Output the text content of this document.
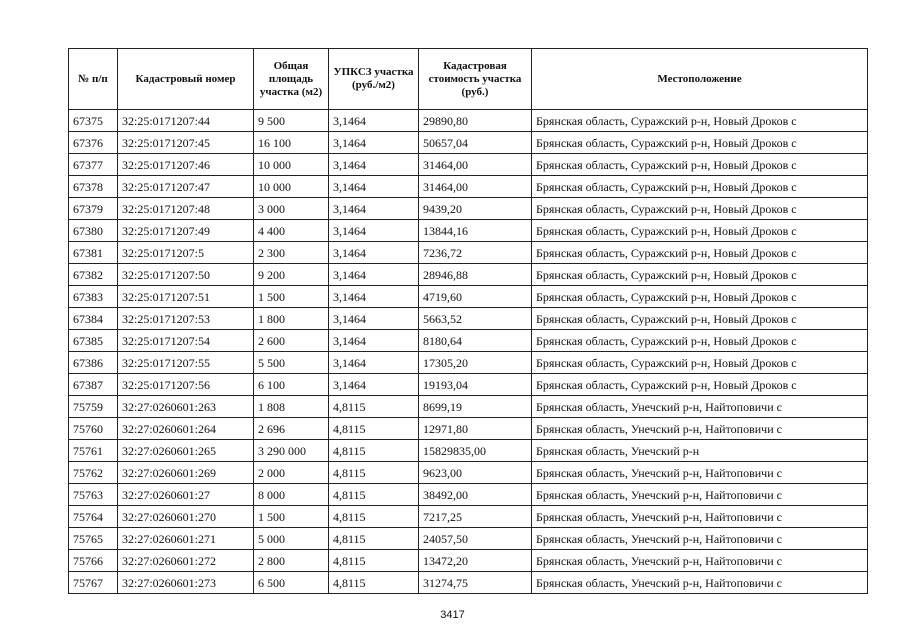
№ п/п	Кадастровый номер	Общая площадь участка (м2)	УПКСЗ участка (руб./м2)	Кадастровая стоимость участка (руб.)	Местоположение
67375	32:25:0171207:44	9 500	3,1464	29890,80	Брянская область, Суражский р-н, Новый Дроков с
67376	32:25:0171207:45	16 100	3,1464	50657,04	Брянская область, Суражский р-н, Новый Дроков с
67377	32:25:0171207:46	10 000	3,1464	31464,00	Брянская область, Суражский р-н, Новый Дроков с
67378	32:25:0171207:47	10 000	3,1464	31464,00	Брянская область, Суражский р-н, Новый Дроков с
67379	32:25:0171207:48	3 000	3,1464	9439,20	Брянская область, Суражский р-н, Новый Дроков с
67380	32:25:0171207:49	4 400	3,1464	13844,16	Брянская область, Суражский р-н, Новый Дроков с
67381	32:25:0171207:5	2 300	3,1464	7236,72	Брянская область, Суражский р-н, Новый Дроков с
67382	32:25:0171207:50	9 200	3,1464	28946,88	Брянская область, Суражский р-н, Новый Дроков с
67383	32:25:0171207:51	1 500	3,1464	4719,60	Брянская область, Суражский р-н, Новый Дроков с
67384	32:25:0171207:53	1 800	3,1464	5663,52	Брянская область, Суражский р-н, Новый Дроков с
67385	32:25:0171207:54	2 600	3,1464	8180,64	Брянская область, Суражский р-н, Новый Дроков с
67386	32:25:0171207:55	5 500	3,1464	17305,20	Брянская область, Суражский р-н, Новый Дроков с
67387	32:25:0171207:56	6 100	3,1464	19193,04	Брянская область, Суражский р-н, Новый Дроков с
75759	32:27:0260601:263	1 808	4,8115	8699,19	Брянская область, Унечский р-н, Найтоповичи с
75760	32:27:0260601:264	2 696	4,8115	12971,80	Брянская область, Унечский р-н, Найтоповичи с
75761	32:27:0260601:265	3 290 000	4,8115	15829835,00	Брянская область, Унечский р-н
75762	32:27:0260601:269	2 000	4,8115	9623,00	Брянская область, Унечский р-н, Найтоповичи с
75763	32:27:0260601:27	8 000	4,8115	38492,00	Брянская область, Унечский р-н, Найтоповичи с
75764	32:27:0260601:270	1 500	4,8115	7217,25	Брянская область, Унечский р-н, Найтоповичи с
75765	32:27:0260601:271	5 000	4,8115	24057,50	Брянская область, Унечский р-н, Найтоповичи с
75766	32:27:0260601:272	2 800	4,8115	13472,20	Брянская область, Унечский р-н, Найтоповичи с
75767	32:27:0260601:273	6 500	4,8115	31274,75	Брянская область, Унечский р-н, Найтоповичи с
3417
